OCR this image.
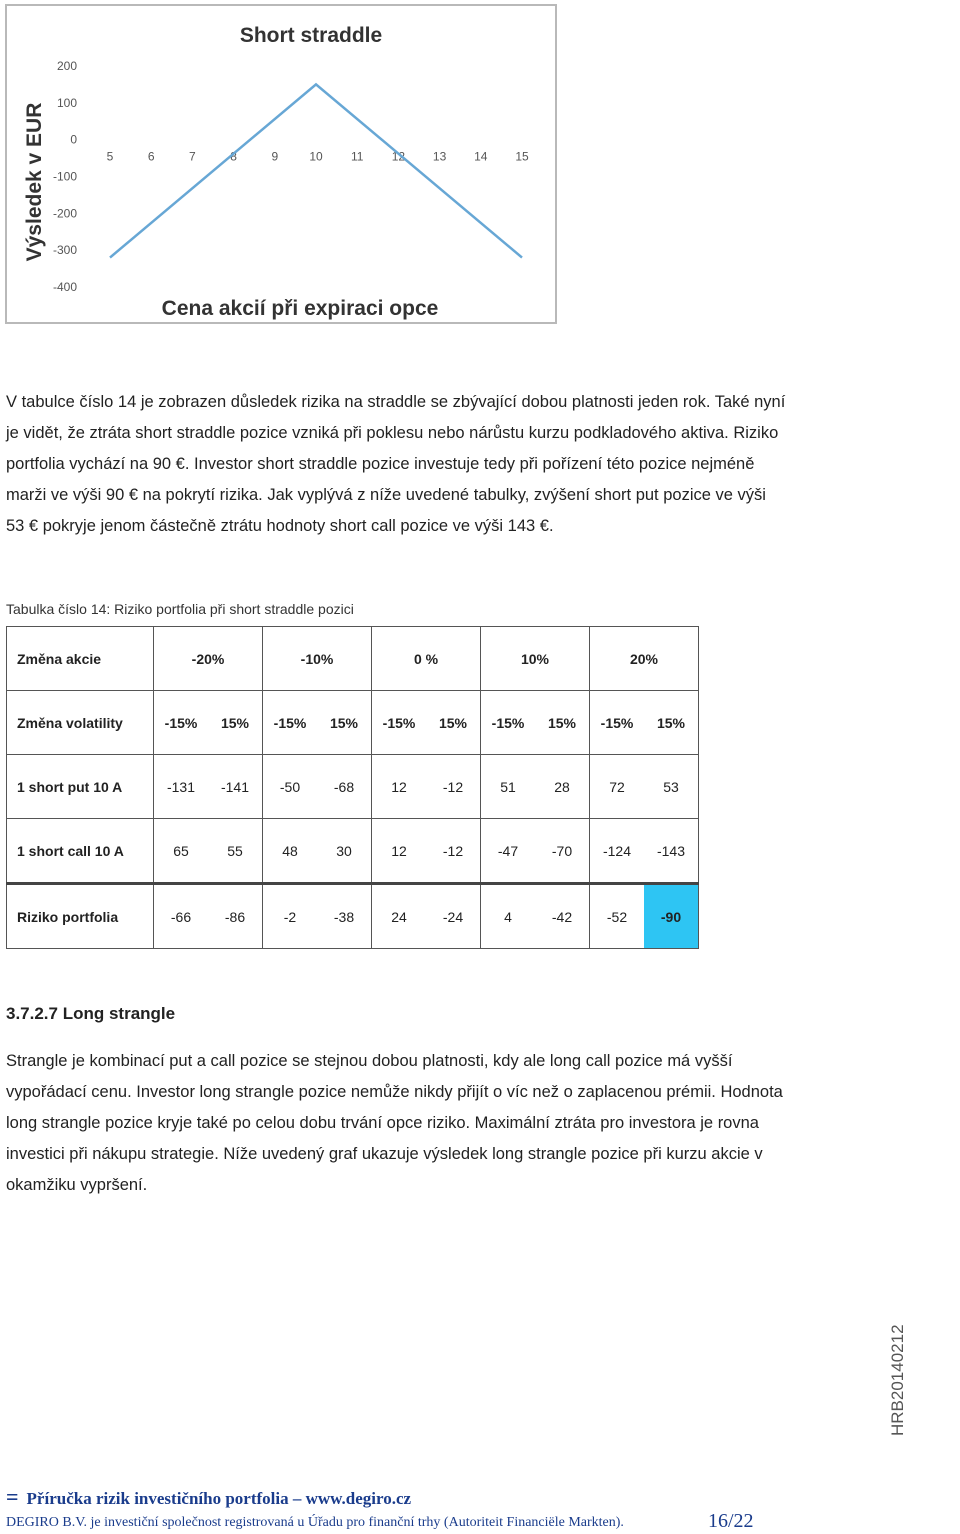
Short straddle
Výsledek v EUR
Cena akcií při expiraci opce
200
100
0
-100
-200
-300
-400
5	6	7	8	9	10 11 12 13 14 15

V tabulce číslo 14 je zobrazen důsledek rizika na straddle se zbývající dobou platnosti jeden rok. Také nyní je vidět, že ztráta short straddle pozice vzniká při poklesu nebo nárůstu kurzu podkladového aktiva. Riziko portfolia vychází na 90 €. Investor short straddle pozice investuje tedy při pořízení této pozice nejméně marži ve výši 90 € na pokrytí rizika. Jak vyplývá z níže uvedené tabulky, zvýšení short put pozice ve výši 53 € pokryje jenom částečně ztrátu hodnoty short call pozice ve výši 143 €.

Tabulka číslo 14: Riziko portfolia při short straddle pozici
Změna akcie	-20%		-10%		0 %		10%		20%	
Změna volatility	-15%	15%	-15%	15%	-15%	15%	-15%	15%	-15%	15%
1 short put 10 A	-131	-141	-50	-68	12	-12	51	28	72	53
1 short call 10 A	65	55	48	30	12	-12	-47	-70	-124	-143
Riziko portfolia	-66	-86	-2	-38	24	-24	4	-42	-52	-90
3.7.2.7 Long strangle

Strangle je kombinací put a call pozice se stejnou dobou platnosti, kdy ale long call pozice má vyšší vypořádací cenu. Investor long strangle pozice nemůže nikdy přijít o víc než o zaplacenou prémii. Hodnota long strangle pozice kryje také po celou dobu trvání opce riziko. Maximální ztráta pro investora je rovna investici při nákupu strategie. Níže uvedený graf ukazuje výsledek long strangle pozice při kurzu akcie v okamžiku vypršení.

= Příručka rizik investičního portfolia – www.degiro.cz
DEGIRO B.V. je investiční společnost registrovaná u Úřadu pro finanční trhy (Autoriteit Financiële Markten).	16/22
HRB20140212
